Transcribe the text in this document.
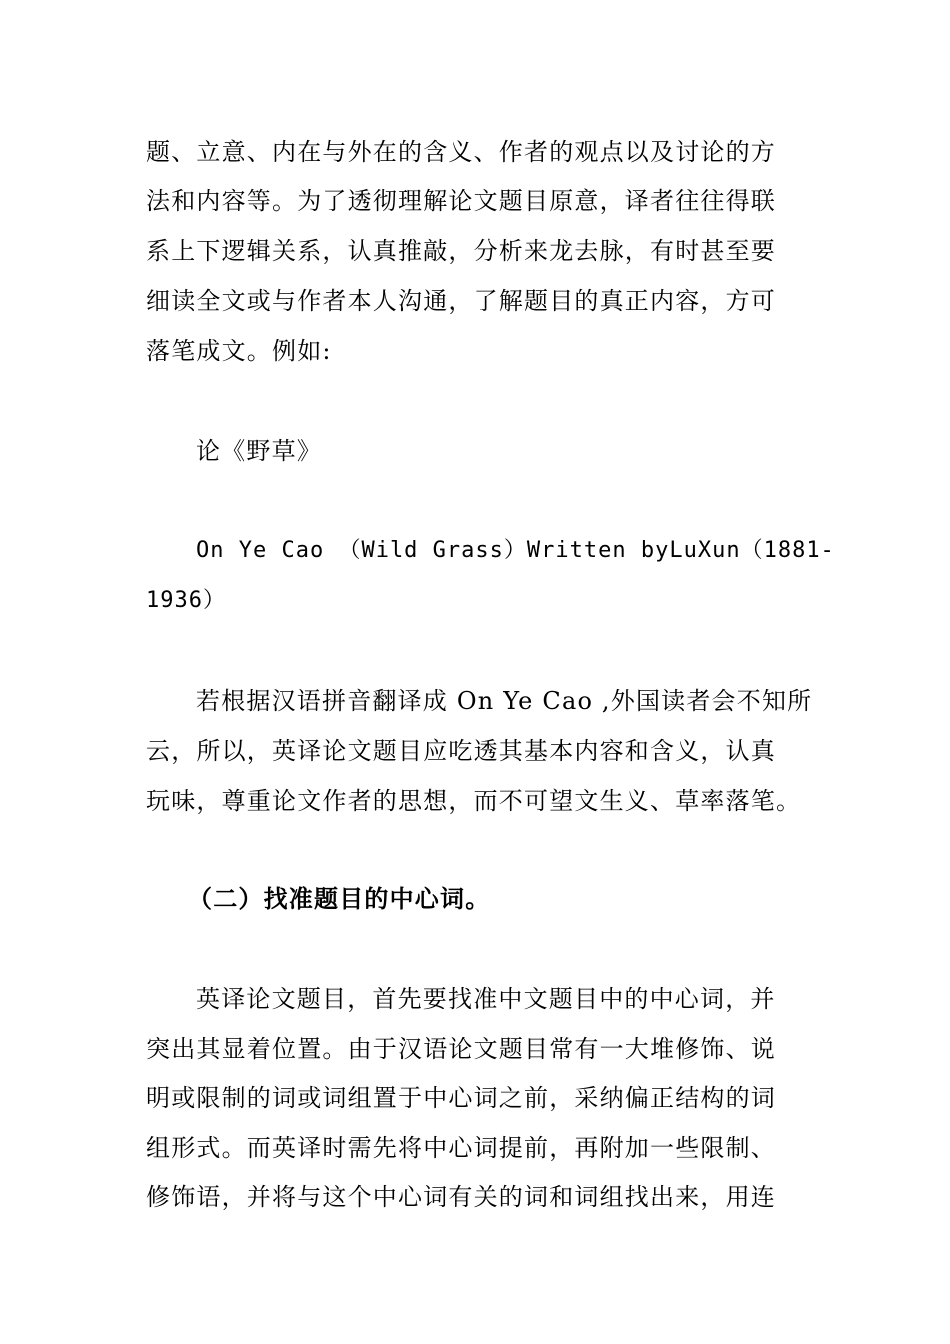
题、立意、内在与外在的含义、作者的观点以及讨论的方
法和内容等。为了透彻理解论文题目原意，译者往往得联
系上下逻辑关系，认真推敲，分析来龙去脉，有时甚至要
细读全文或与作者本人沟通，了解题目的真正内容，方可
落笔成文。例如:
论《野草》
On Ye Cao （Wild Grass）Written byLuXun（1881-
1936）
若根据汉语拼音翻译成 On Ye Cao ,外国读者会不知所
云，所以，英译论文题目应吃透其基本内容和含义，认真
玩味，尊重论文作者的思想，而不可望文生义、草率落笔。
（二）找准题目的中心词。
英译论文题目，首先要找准中文题目中的中心词，并
突出其显着位置。由于汉语论文题目常有一大堆修饰、说
明或限制的词或词组置于中心词之前，采纳偏正结构的词
组形式。而英译时需先将中心词提前，再附加一些限制、
修饰语，并将与这个中心词有关的词和词组找出来，用连
